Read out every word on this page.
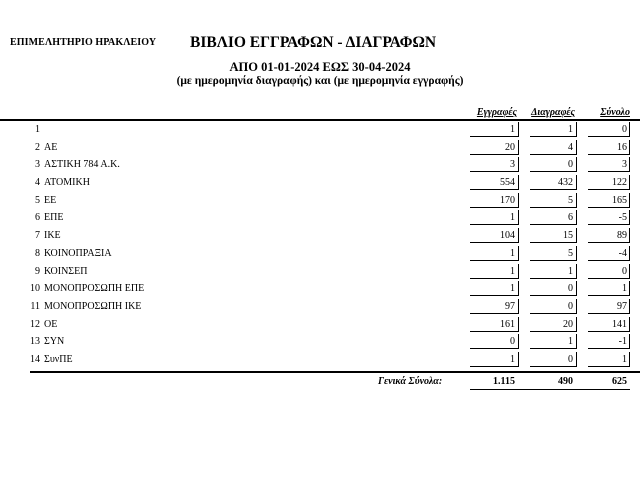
ΕΠΙΜΕΛΗΤΗΡΙΟ ΗΡΑΚΛΕΙΟΥ ΒΙΒΛΙΟ ΕΓΓΡΑΦΩΝ - ΔΙΑΓΡΑΦΩΝ
ΑΠΟ 01-01-2024 ΕΩΣ 30-04-2024
(με ημερομηνία διαγραφής) και (με ημερομηνία εγγραφής)
Εγγραφές	Διαγραφές	Σύνολο
1	1	1	0
2 ΑΕ	20	4	16
3 ΑΣΤΙΚΗ 784 Α.Κ.	3	0	3
4 ΑΤΟΜΙΚΗ	554	432	122
5 ΕΕ	170	5	165
6 ΕΠΕ	1	6	-5
7 ΙΚΕ	104	15	89
8 ΚΟΙΝΟΠΡΑΞΙΑ	1	5	-4
9 ΚΟΙΝΣΕΠ	1	1	0
10 ΜΟΝΟΠΡΟΣΩΠΗ ΕΠΕ	1	0	1
11 ΜΟΝΟΠΡΟΣΩΠΗ ΙΚΕ	97	0	97
12 ΟΕ	161	20	141
13 ΣΥΝ	0	1	-1
14 ΣυνΠΕ	1	0	1
Γενικά Σύνολα:	1.115	490	625
